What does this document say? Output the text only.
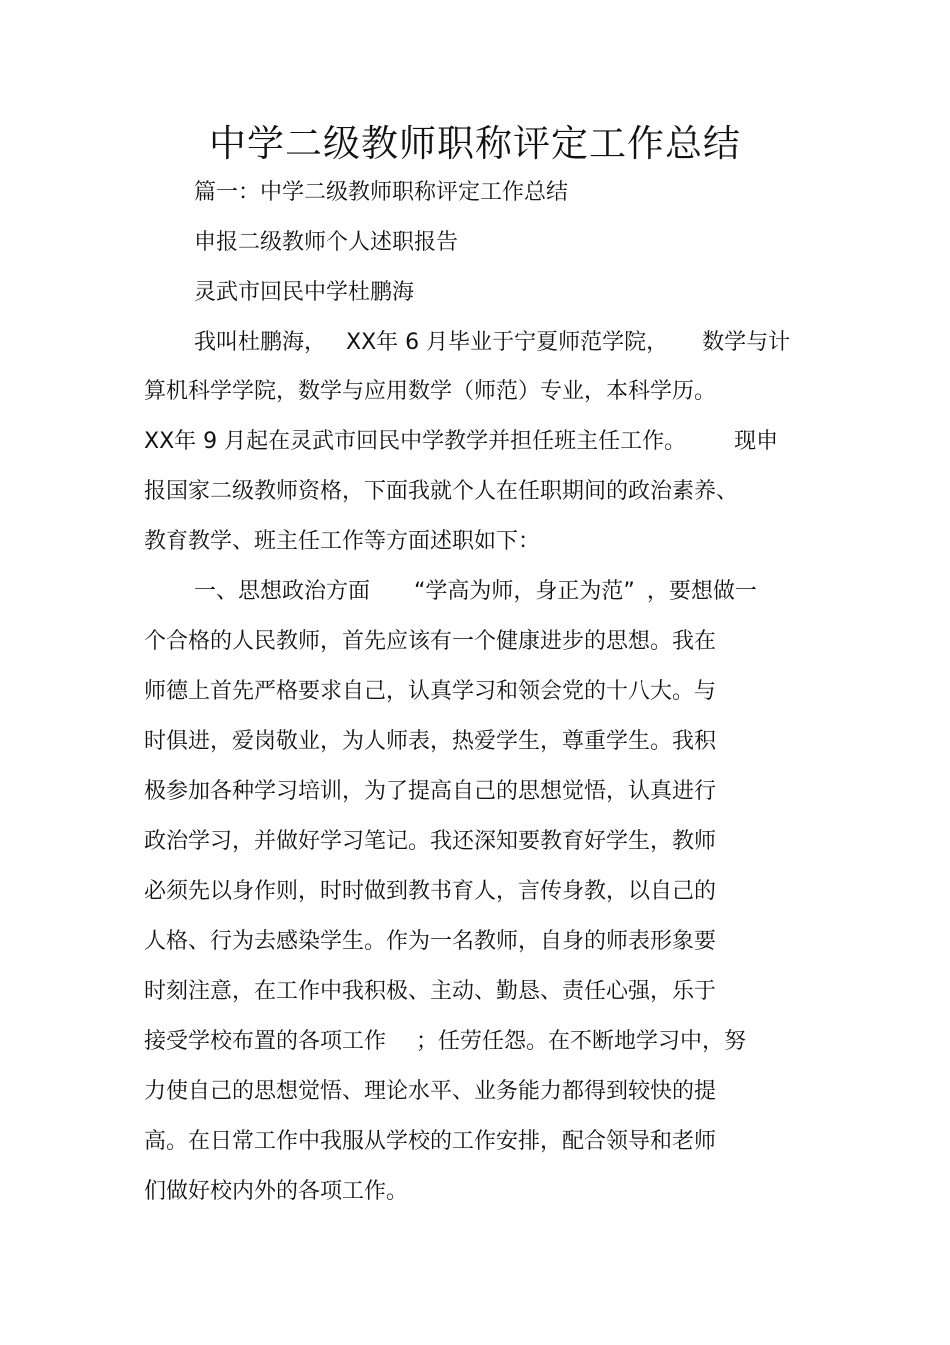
中学二级教师职称评定工作总结

篇一：中学二级教师职称评定工作总结

申报二级教师个人述职报告

灵武市回民中学杜鹏海

我叫杜鹏海， XX年 6 月毕业于宁夏师范学院， 数学与计

算机科学学院，数学与应用数学（师范）专业，本科学历。

XX年 9 月起在灵武市回民中学教学并担任班主任工作。 现申

报国家二级教师资格，下面我就个人在任职期间的政治素养、

教育教学、班主任工作等方面述职如下：

一、思想政治方面 “学高为师，身正为范” ，要想做一

个合格的人民教师，首先应该有一个健康进步的思想。我在

师德上首先严格要求自己，认真学习和领会党的十八大。与

时俱进，爱岗敬业，为人师表，热爱学生，尊重学生。我积

极参加各种学习培训，为了提高自己的思想觉悟，认真进行

政治学习，并做好学习笔记。我还深知要教育好学生，教师

必须先以身作则，时时做到教书育人，言传身教，以自己的

人格、行为去感染学生。作为一名教师，自身的师表形象要

时刻注意，在工作中我积极、主动、勤恳、责任心强，乐于

接受学校布置的各项工作 ；任劳任怨。在不断地学习中，努

力使自己的思想觉悟、理论水平、业务能力都得到较快的提

高。在日常工作中我服从学校的工作安排，配合领导和老师

们做好校内外的各项工作。
